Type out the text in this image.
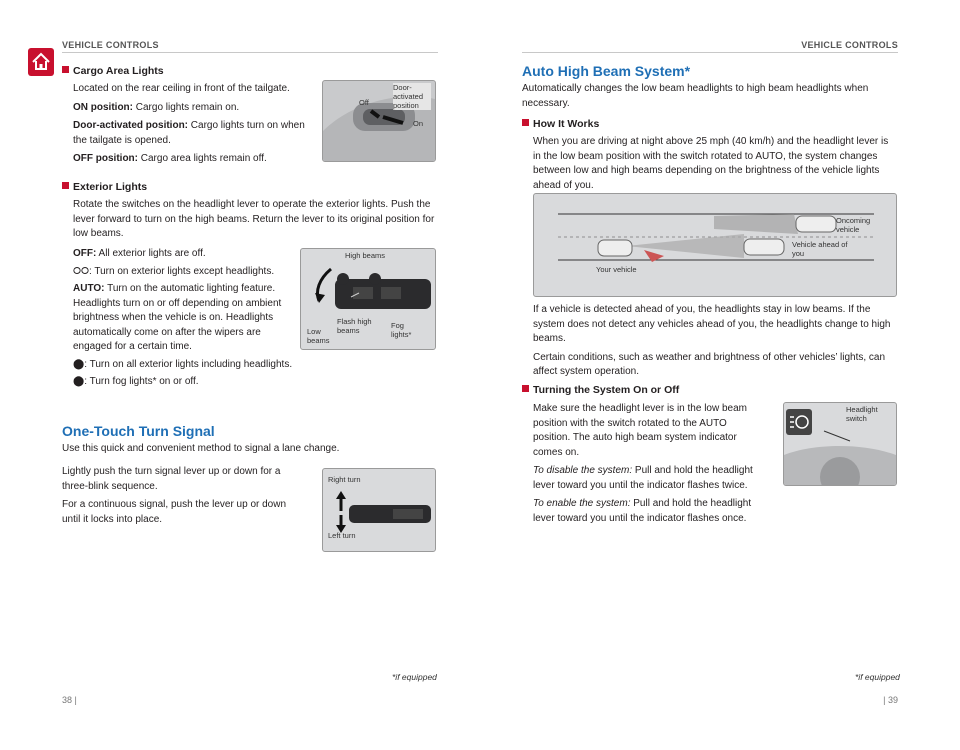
VEHICLE CONTROLS	VEHICLE CONTROLS
Cargo Area Lights

Located on the rear ceiling in front of the tailgate.

ON position: Cargo lights remain on.

Door-activated position: Cargo lights turn on when the tailgate is opened.

OFF position: Cargo area lights remain off.

Off
Door-activated position
On
Exterior Lights
Rotate the switches on the headlight lever to operate the exterior lights. Push the lever forward to turn on the high beams. Return the lever to its original position for low beams.

OFF: All exterior lights are off.

⭘⭘: Turn on exterior lights except headlights.

AUTO: Turn on the automatic lighting feature. Headlights turn on or off depending on ambient brightness when the vehicle is on. Headlights automatically come on after the wipers are engaged for a certain time.

⬤: Turn on all exterior lights including headlights.

⬤: Turn fog lights* on or off.

High beams
Low beams
Flash high beams
Fog lights*
One-Touch Turn Signal
Use this quick and convenient method to signal a lane change.

Lightly push the turn signal lever up or down for a three-blink sequence.

For a continuous signal, push the lever up or down until it locks into place.

Right turn
Left turn
*if equipped
38 |
Auto High Beam System*
Automatically changes the low beam headlights to high beam headlights when necessary.
How It Works
When you are driving at night above 25 mph (40 km/h) and the headlight lever is in the low beam position with the switch rotated to AUTO, the system changes between low and high beams depending on the brightness of the vehicle lights ahead of you.
Oncoming vehicle
Vehicle ahead of you
Your vehicle

If a vehicle is detected ahead of you, the headlights stay in low beams. If the system does not detect any vehicles ahead of you, the headlights change to high beams.

Certain conditions, such as weather and brightness of other vehicles’ lights, can affect system operation.

Turning the System On or Off

Make sure the headlight lever is in the low beam position with the switch rotated to the AUTO position. The auto high beam system indicator comes on.

To disable the system: Pull and hold the headlight lever toward you until the indicator flashes twice.

To enable the system: Pull and hold the headlight lever toward you until the indicator flashes once.

Headlight switch
*if equipped
| 39
